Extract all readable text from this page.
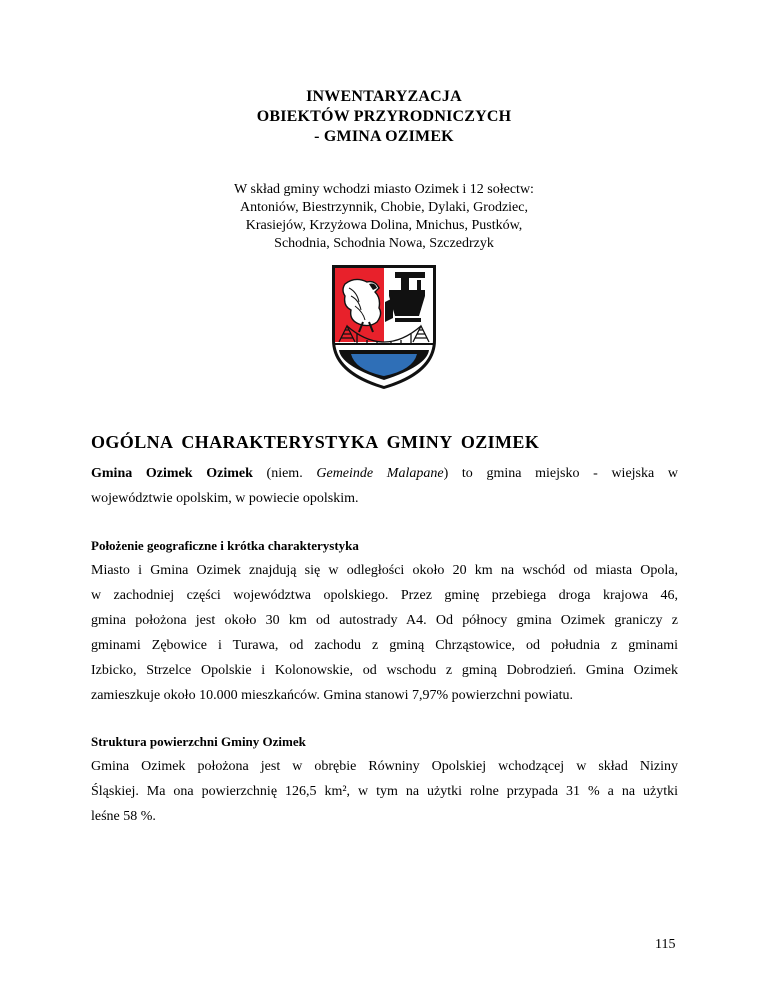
INWENTARYZACJA
OBIEKTÓW PRZYRODNICZYCH
- GMINA OZIMEK
W skład gminy wchodzi miasto Ozimek i 12 sołectw:
Antoniów, Biestrzynnik, Chobie, Dylaki, Grodziec,
Krasiejów, Krzyżowa Dolina, Mnichus, Pustków,
Schodnia, Schodnia Nowa, Szczedrzyk
OGÓLNA CHARAKTERYSTYKA GMINY OZIMEK
Gmina Ozimek Ozimek (niem. Gemeinde Malapane) to gmina miejsko - wiejska w
województwie opolskim, w powiecie opolskim.
Położenie geograficzne i krótka charakterystyka
Miasto i Gmina Ozimek znajdują się w odległości około 20 km na wschód od miasta Opola,
w zachodniej części województwa opolskiego. Przez gminę przebiega droga krajowa 46,
gmina położona jest około 30 km od autostrady A4. Od północy gmina Ozimek graniczy z
gminami Zębowice i Turawa, od zachodu z gminą Chrząstowice, od południa z gminami
Izbicko, Strzelce Opolskie i Kolonowskie, od wschodu z gminą Dobrodzień. Gmina Ozimek
zamieszkuje około 10.000 mieszkańców. Gmina stanowi 7,97% powierzchni powiatu.
Struktura powierzchni Gminy Ozimek
Gmina Ozimek położona jest w obrębie Równiny Opolskiej wchodzącej w skład Niziny
Śląskiej. Ma ona powierzchnię 126,5 km², w tym na użytki rolne przypada 31 % a na użytki
leśne 58 %.
115
